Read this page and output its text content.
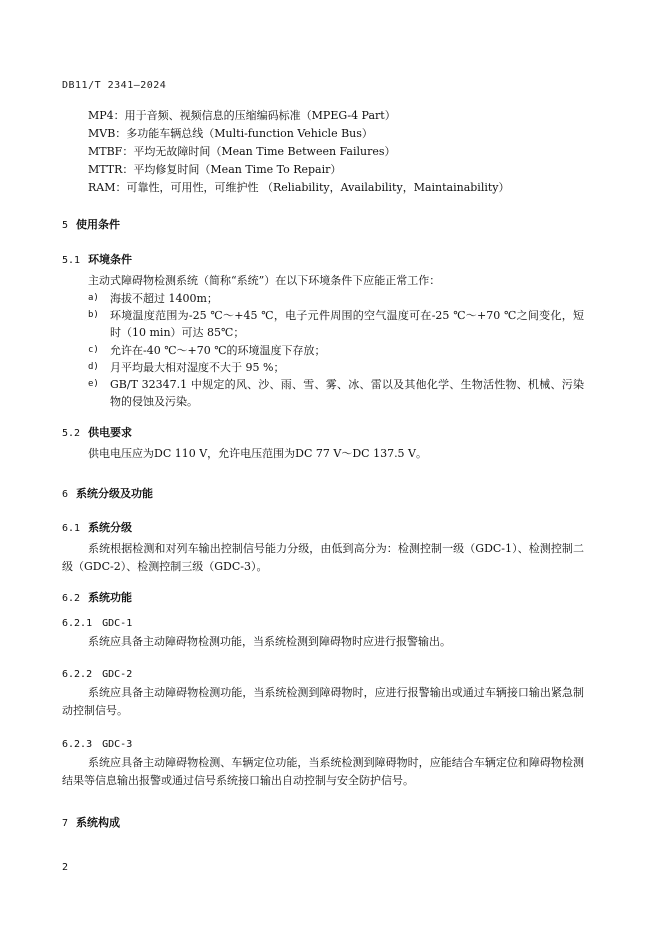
DB11/T 2341—2024
MP4：用于音频、视频信息的压缩编码标准（MPEG-4 Part）
MVB：多功能车辆总线（Multi-function Vehicle Bus）
MTBF：平均无故障时间（Mean Time Between Failures）
MTTR：平均修复时间（Mean Time To Repair）
RAM：可靠性，可用性，可维护性 （Reliability，Availability，Maintainability）
5 使用条件
5.1 环境条件
主动式障碍物检测系统（简称“系统”）在以下环境条件下应能正常工作：
a) 海拔不超过 1400m；
b) 环境温度范围为-25 ℃～+45 ℃，电子元件周围的空气温度可在-25 ℃～+70 ℃之间变化，短时（10 min）可达 85℃；
c) 允许在-40 ℃～+70 ℃的环境温度下存放；
d) 月平均最大相对湿度不大于 95 %；
e) GB/T 32347.1 中规定的风、沙、雨、雪、雾、冰、雷以及其他化学、生物活性物、机械、污染物的侵蚀及污染。
5.2 供电要求
供电电压应为DC 110 V，允许电压范围为DC 77 V～DC 137.5 V。
6 系统分级及功能
6.1 系统分级
系统根据检测和对列车输出控制信号能力分级，由低到高分为：检测控制一级（GDC-1）、检测控制二级（GDC-2）、检测控制三级（GDC-3）。
6.2 系统功能
6.2.1 GDC-1
系统应具备主动障碍物检测功能，当系统检测到障碍物时应进行报警输出。
6.2.2 GDC-2
系统应具备主动障碍物检测功能，当系统检测到障碍物时，应进行报警输出或通过车辆接口输出紧急制动控制信号。
6.2.3 GDC-3
系统应具备主动障碍物检测、车辆定位功能，当系统检测到障碍物时，应能结合车辆定位和障碍物检测结果等信息输出报警或通过信号系统接口输出自动控制与安全防护信号。
7 系统构成
2
